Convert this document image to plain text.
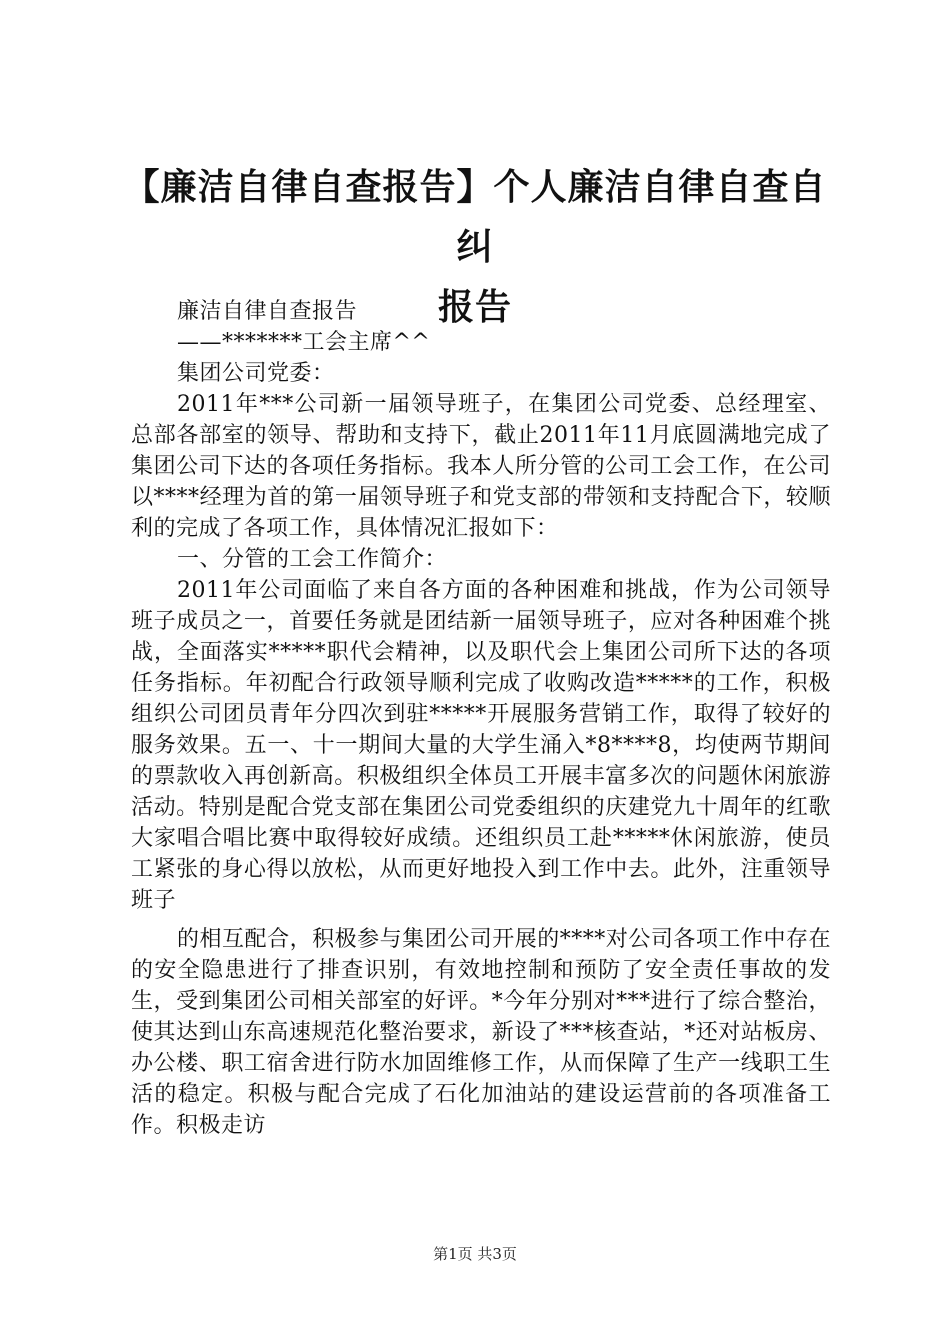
【廉洁自律自查报告】个人廉洁自律自查自纠
报告

廉洁自律自查报告

——*******工会主席^^

集团公司党委：

2011年***公司新一届领导班子，在集团公司党委、总经理室、总部各部室的领导、帮助和支持下，截止2011年11月底圆满地完成了集团公司下达的各项任务指标。我本人所分管的公司工会工作，在公司以****经理为首的第一届领导班子和党支部的带领和支持配合下，较顺利的完成了各项工作，具体情况汇报如下：

一、分管的工会工作简介：

2011年公司面临了来自各方面的各种困难和挑战，作为公司领导班子成员之一，首要任务就是团结新一届领导班子，应对各种困难个挑战，全面落实*****职代会精神，以及职代会上集团公司所下达的各项任务指标。年初配合行政领导顺利完成了收购改造*****的工作，积极组织公司团员青年分四次到驻*****开展服务营销工作，取得了较好的服务效果。五一、十一期间大量的大学生涌入*8****8，均使两节期间的票款收入再创新高。积极组织全体员工开展丰富多次的问题休闲旅游活动。特别是配合党支部在集团公司党委组织的庆建党九十周年的红歌大家唱合唱比赛中取得较好成绩。还组织员工赴*****休闲旅游，使员工紧张的身心得以放松，从而更好地投入到工作中去。此外，注重领导班子

的相互配合，积极参与集团公司开展的****对公司各项工作中存在的安全隐患进行了排查识别，有效地控制和预防了安全责任事故的发生，受到集团公司相关部室的好评。*今年分别对***进行了综合整治，使其达到山东高速规范化整治要求，新设了***核查站，*还对站板房、办公楼、职工宿舍进行防水加固维修工作，从而保障了生产一线职工生活的稳定。积极与配合完成了石化加油站的建设运营前的各项准备工作。积极走访

第1页 共3页
